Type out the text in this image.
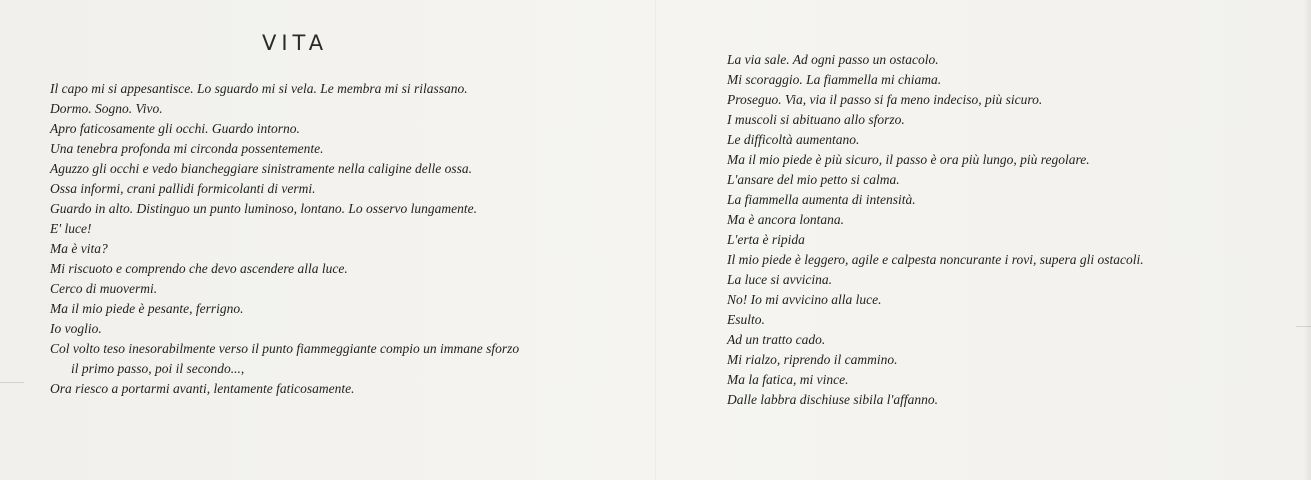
VITA
Il capo mi si appesantisce. Lo sguardo mi si vela. Le membra mi si rilassano.
Dormo. Sogno. Vivo.
Apro faticosamente gli occhi. Guardo intorno.
Una tenebra profonda mi circonda possentemente.
Aguzzo gli occhi e vedo biancheggiare sinistramente nella caligine delle ossa.
Ossa informi, crani pallidi formicolanti di vermi.
Guardo in alto. Distinguo un punto luminoso, lontano. Lo osservo lungamente.
E' luce!
Ma è vita?
Mi riscuoto e comprendo che devo ascendere alla luce.
Cerco di muovermi.
Ma il mio piede è pesante, ferrigno.
Io voglio.
Col volto teso inesorabilmente verso il punto fiammeggiante compio un immane sforzo
il primo passo, poi il secondo...,
Ora riesco a portarmi avanti, lentamente faticosamente.
La via sale. Ad ogni passo un ostacolo.
Mi scoraggio. La fiammella mi chiama.
Proseguo. Via, via il passo si fa meno indeciso, più sicuro.
I muscoli si abituano allo sforzo.
Le difficoltà aumentano.
Ma il mio piede è più sicuro, il passo è ora più lungo, più regolare.
L'ansare del mio petto si calma.
La fiammella aumenta di intensità.
Ma è ancora lontana.
L'erta è ripida
Il mio piede è leggero, agile e calpesta noncurante i rovi, supera gli ostacoli.
La luce si avvicina.
No! Io mi avvicino alla luce.
Esulto.
Ad un tratto cado.
Mi rialzo, riprendo il cammino.
Ma la fatica, mi vince.
Dalle labbra dischiuse sibila l'affanno.
